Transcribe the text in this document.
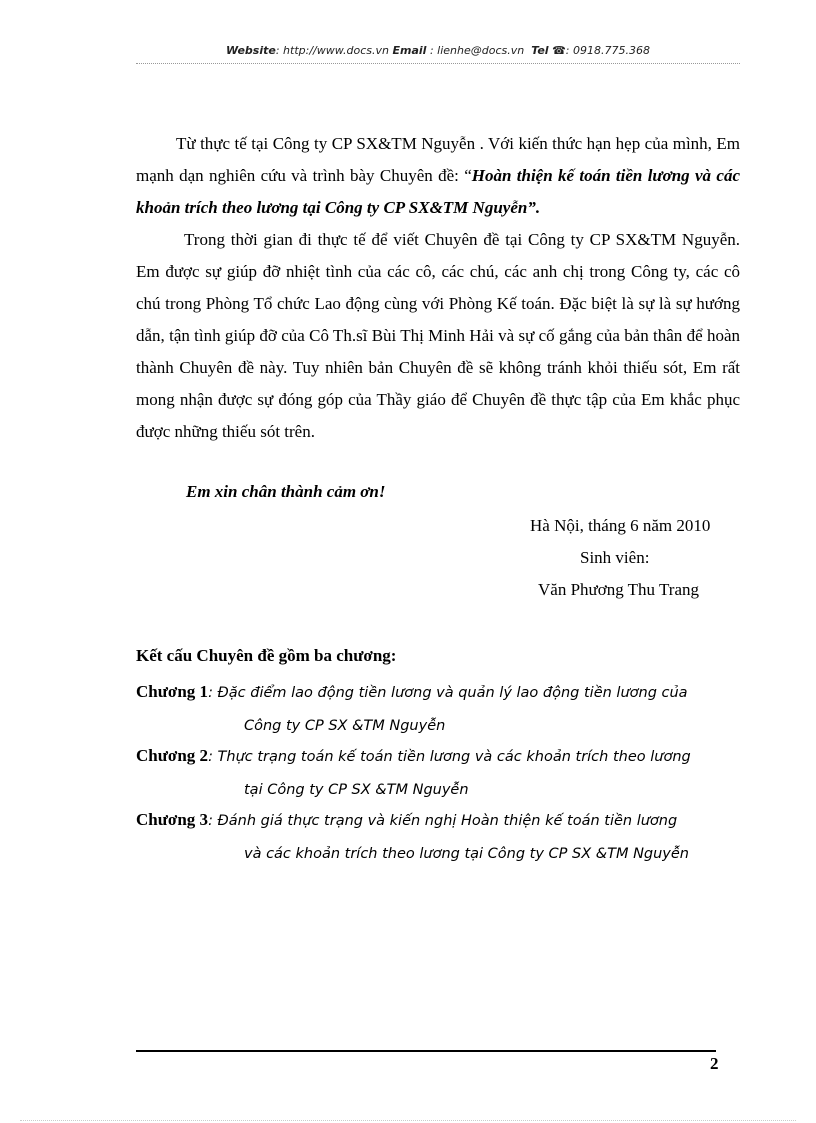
Website: http://www.docs.vn Email : lienhe@docs.vn Tel ☎: 0918.775.368
Từ thực tế tại Công ty CP SX&TM Nguyễn . Với kiến thức hạn hẹp của mình, Em mạnh dạn nghiên cứu và trình bày Chuyên đề: “Hoàn thiện kế toán tiền lương và các khoản trích theo lương tại Công ty CP SX&TM Nguyễn”.
Trong thời gian đi thực tế để viết Chuyên đề tại Công ty CP SX&TM Nguyễn. Em được sự giúp đỡ nhiệt tình của các cô, các chú, các anh chị trong Công ty, các cô chú trong Phòng Tổ chức Lao động cùng với Phòng Kế toán. Đặc biệt là sự là sự hướng dẫn, tận tình giúp đỡ của Cô Th.sĩ Bùi Thị Minh Hải và sự cố gắng của bản thân để hoàn thành Chuyên đề này. Tuy nhiên bản Chuyên đề sẽ không tránh khỏi thiếu sót, Em rất mong nhận được sự đóng góp của Thầy giáo để Chuyên đề thực tập của Em khắc phục được những thiếu sót trên.
Em xin chân thành cảm ơn!
Hà Nội, tháng 6 năm 2010
Sinh viên:
Văn Phương Thu Trang
Kết cấu Chuyên đề gồm ba chương:
Chương 1: Đặc điểm lao động tiền lương và quản lý lao động tiền lương của
Công ty CP SX &TM Nguyễn
Chương 2: Thực trạng toán kế toán tiền lương và các khoản trích theo lương
tại Công ty CP SX &TM Nguyễn
Chương 3: Đánh giá thực trạng và kiến nghị Hoàn thiện kế toán tiền lương
và các khoản trích theo lương tại Công ty CP SX &TM Nguyễn
2
